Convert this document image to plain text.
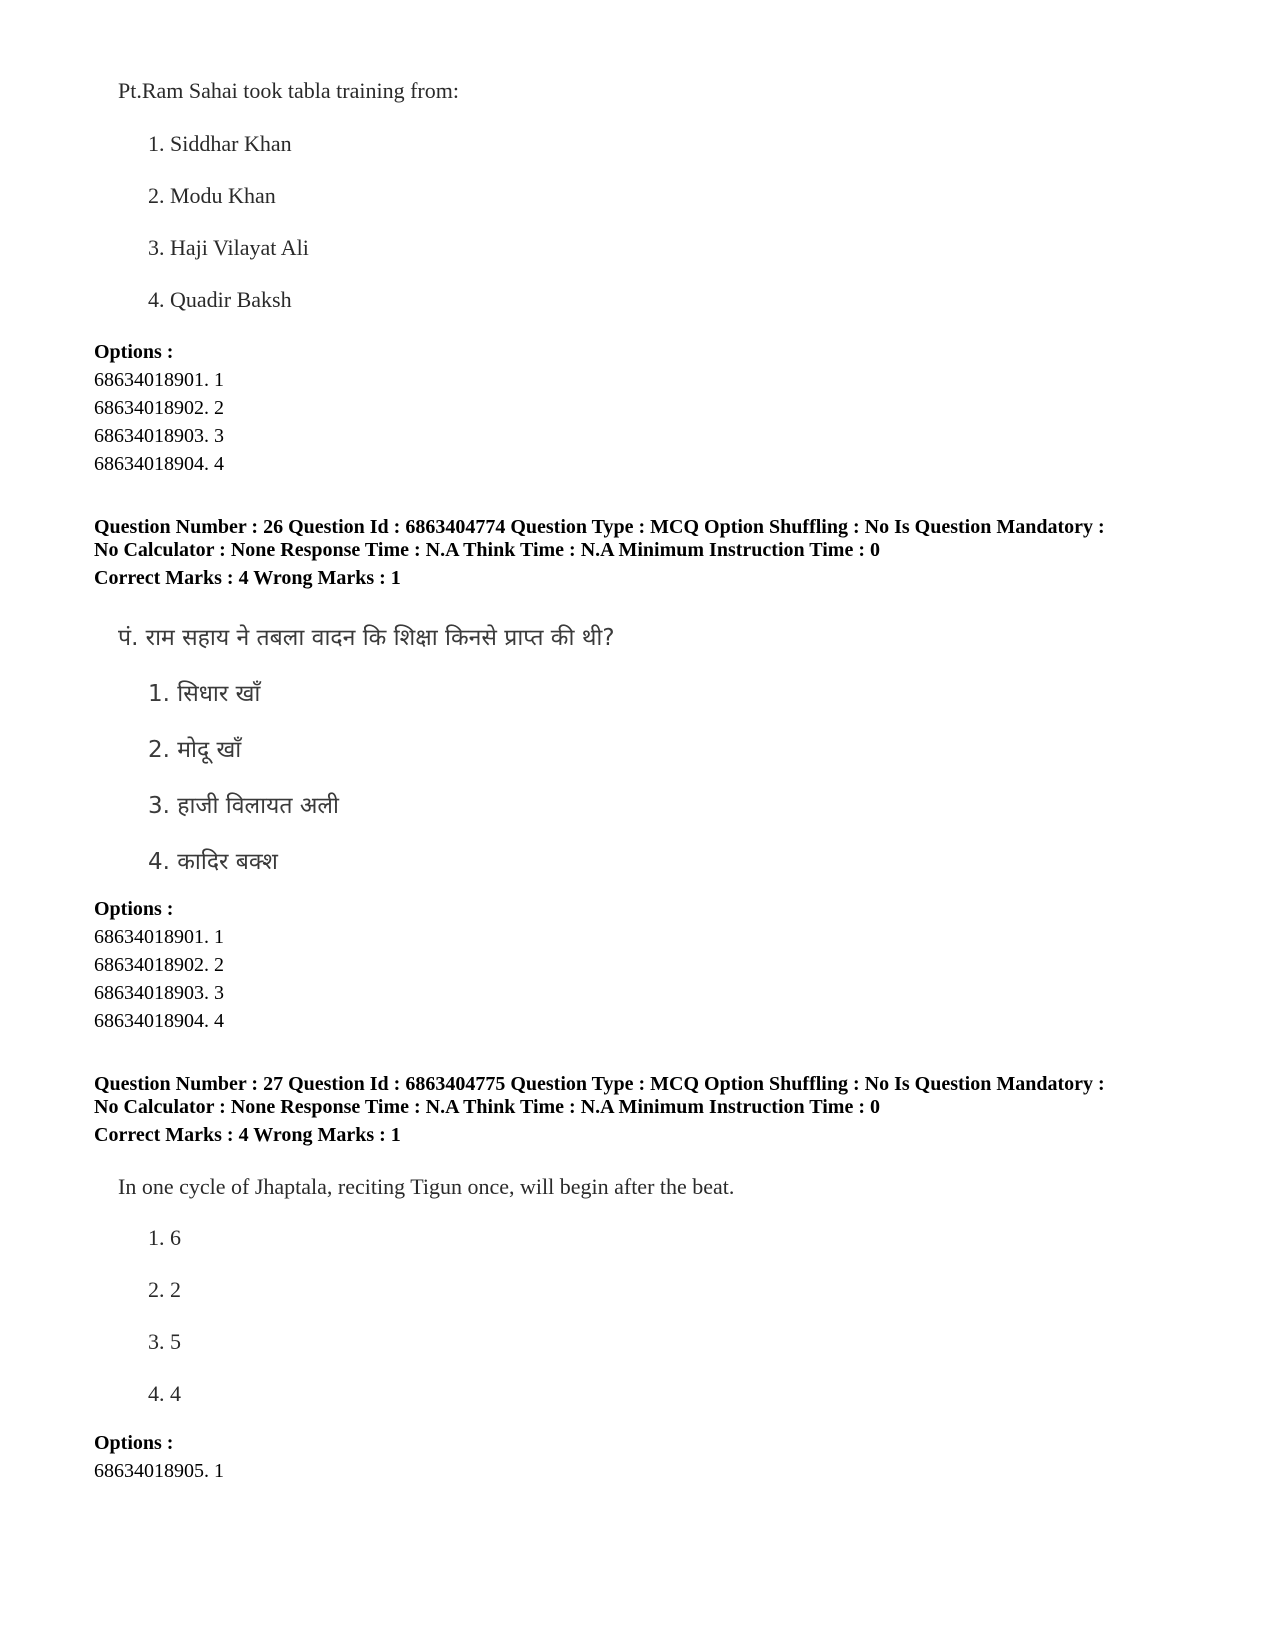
Pt.Ram Sahai took tabla training from:
1. Siddhar Khan
2. Modu Khan
3. Haji Vilayat Ali
4. Quadir Baksh
Options :
68634018901. 1
68634018902. 2
68634018903. 3
68634018904. 4
Question Number : 26 Question Id : 6863404774 Question Type : MCQ Option Shuffling : No Is Question Mandatory :
No Calculator : None Response Time : N.A Think Time : N.A Minimum Instruction Time : 0
Correct Marks : 4 Wrong Marks : 1
पं. राम सहाय ने तबला वादन कि शिक्षा किनसे प्राप्त की थी?
1. सिधार खाँ
2. मोदू खाँ
3. हाजी विलायत अली
4. कादिर बक्श
Options :
68634018901. 1
68634018902. 2
68634018903. 3
68634018904. 4
Question Number : 27 Question Id : 6863404775 Question Type : MCQ Option Shuffling : No Is Question Mandatory :
No Calculator : None Response Time : N.A Think Time : N.A Minimum Instruction Time : 0
Correct Marks : 4 Wrong Marks : 1
In one cycle of Jhaptala, reciting Tigun once, will begin after the beat.
1. 6
2. 2
3. 5
4. 4
Options :
68634018905. 1
